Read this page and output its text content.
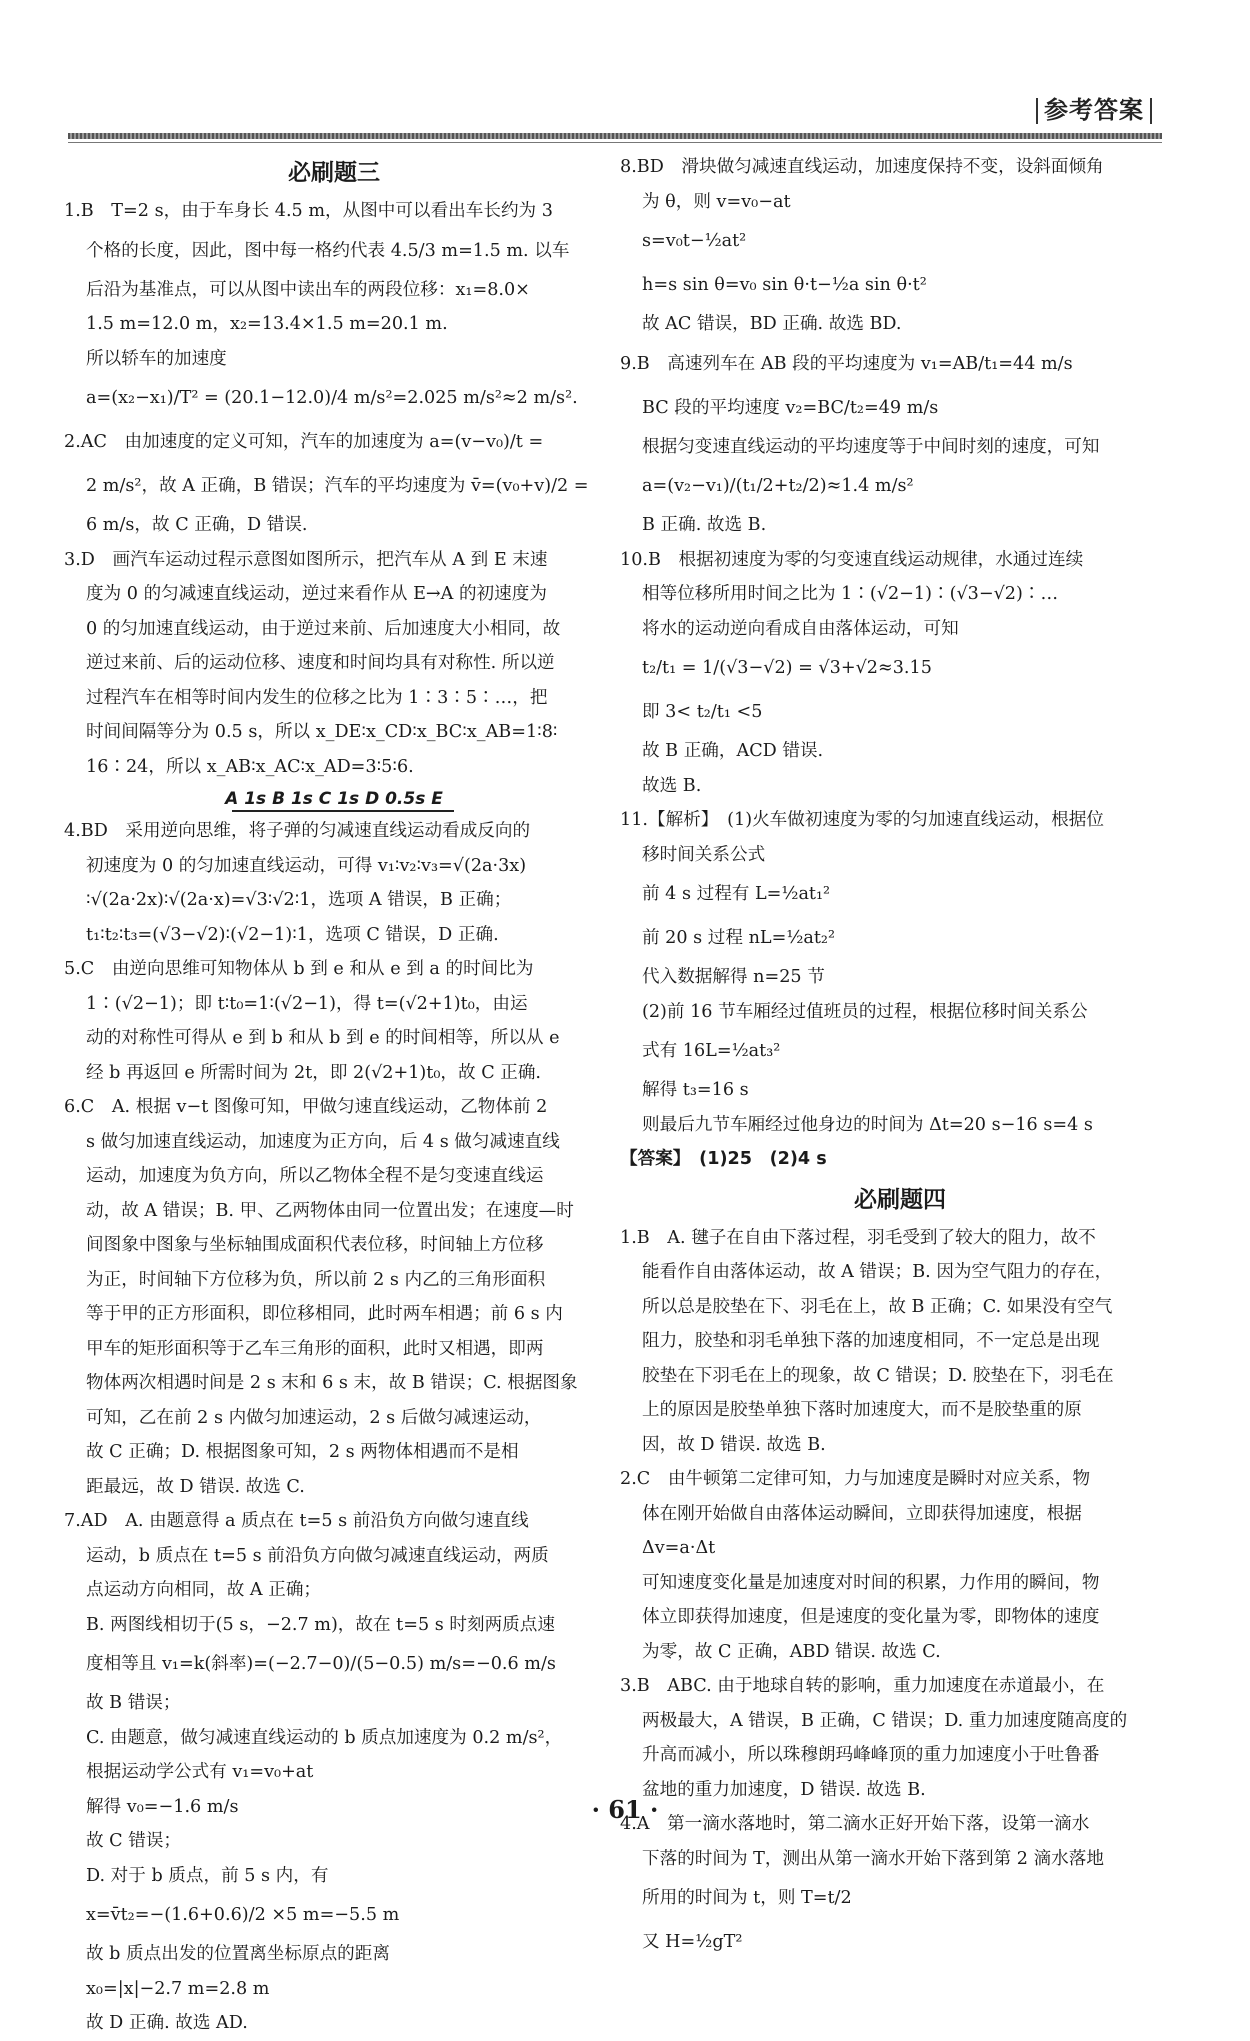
参考答案
必刷题三
1.B　T=2 s，由于车身长 4.5 m，从图中可以看出车长约为 3
个格的长度，因此，图中每一格约代表 4.5/3 m=1.5 m. 以车
后沿为基准点，可以从图中读出车的两段位移：x₁=8.0×
1.5 m=12.0 m，x₂=13.4×1.5 m=20.1 m.
所以轿车的加速度
a=(x₂−x₁)/T² = (20.1−12.0)/4 m/s²=2.025 m/s²≈2 m/s².
2.AC　由加速度的定义可知，汽车的加速度为 a=(v−v₀)/t =
2 m/s²，故 A 正确，B 错误；汽车的平均速度为 v̄=(v₀+v)/2 =
6 m/s，故 C 正确，D 错误.
3.D　画汽车运动过程示意图如图所示，把汽车从 A 到 E 末速
度为 0 的匀减速直线运动，逆过来看作从 E→A 的初速度为
0 的匀加速直线运动，由于逆过来前、后加速度大小相同，故
逆过来前、后的运动位移、速度和时间均具有对称性. 所以逆
过程汽车在相等时间内发生的位移之比为 1∶3∶5∶…，把
时间间隔等分为 0.5 s，所以 x_DE∶x_CD∶x_BC∶x_AB=1∶8∶
16∶24，所以 x_AB∶x_AC∶x_AD=3∶5∶6.
A 1s B 1s C 1s D 0.5s E
4.BD　采用逆向思维，将子弹的匀减速直线运动看成反向的
初速度为 0 的匀加速直线运动，可得 v₁∶v₂∶v₃=√(2a·3x)
∶√(2a·2x)∶√(2a·x)=√3∶√2∶1，选项 A 错误，B 正确；
t₁∶t₂∶t₃=(√3−√2)∶(√2−1)∶1，选项 C 错误，D 正确.
5.C　由逆向思维可知物体从 b 到 e 和从 e 到 a 的时间比为
1∶(√2−1)；即 t∶t₀=1∶(√2−1)，得 t=(√2+1)t₀，由运
动的对称性可得从 e 到 b 和从 b 到 e 的时间相等，所以从 e
经 b 再返回 e 所需时间为 2t，即 2(√2+1)t₀，故 C 正确.
6.C　A. 根据 v−t 图像可知，甲做匀速直线运动，乙物体前 2
s 做匀加速直线运动，加速度为正方向，后 4 s 做匀减速直线
运动，加速度为负方向，所以乙物体全程不是匀变速直线运
动，故 A 错误；B. 甲、乙两物体由同一位置出发；在速度—时
间图象中图象与坐标轴围成面积代表位移，时间轴上方位移
为正，时间轴下方位移为负，所以前 2 s 内乙的三角形面积
等于甲的正方形面积，即位移相同，此时两车相遇；前 6 s 内
甲车的矩形面积等于乙车三角形的面积，此时又相遇，即两
物体两次相遇时间是 2 s 末和 6 s 末，故 B 错误；C. 根据图象
可知，乙在前 2 s 内做匀加速运动，2 s 后做匀减速运动，
故 C 正确；D. 根据图象可知，2 s 两物体相遇而不是相
距最远，故 D 错误. 故选 C.
7.AD　A. 由题意得 a 质点在 t=5 s 前沿负方向做匀速直线
运动，b 质点在 t=5 s 前沿负方向做匀减速直线运动，两质
点运动方向相同，故 A 正确；
B. 两图线相切于(5 s，−2.7 m)，故在 t=5 s 时刻两质点速
度相等且 v₁=k(斜率)=(−2.7−0)/(5−0.5) m/s=−0.6 m/s
故 B 错误；
C. 由题意，做匀减速直线运动的 b 质点加速度为 0.2 m/s²，
根据运动学公式有 v₁=v₀+at
解得 v₀=−1.6 m/s
故 C 错误；
D. 对于 b 质点，前 5 s 内，有
x=v̄t₂=−(1.6+0.6)/2 ×5 m=−5.5 m
故 b 质点出发的位置离坐标原点的距离
x₀=|x|−2.7 m=2.8 m
故 D 正确. 故选 AD.
8.BD　滑块做匀减速直线运动，加速度保持不变，设斜面倾角
为 θ，则 v=v₀−at
s=v₀t−½at²
h=s sin θ=v₀ sin θ·t−½a sin θ·t²
故 AC 错误，BD 正确. 故选 BD.
9.B　高速列车在 AB 段的平均速度为 v₁=AB/t₁=44 m/s
BC 段的平均速度 v₂=BC/t₂=49 m/s
根据匀变速直线运动的平均速度等于中间时刻的速度，可知
a=(v₂−v₁)/(t₁/2+t₂/2)≈1.4 m/s²
B 正确. 故选 B.
10.B　根据初速度为零的匀变速直线运动规律，水通过连续
相等位移所用时间之比为 1∶(√2−1)∶(√3−√2)∶…
将水的运动逆向看成自由落体运动，可知
t₂/t₁ = 1/(√3−√2) = √3+√2≈3.15
即 3< t₂/t₁ <5
故 B 正确，ACD 错误.
故选 B.
11.【解析】　(1)火车做初速度为零的匀加速直线运动，根据位
移时间关系公式
前 4 s 过程有 L=½at₁²
前 20 s 过程 nL=½at₂²
代入数据解得 n=25 节
(2)前 16 节车厢经过值班员的过程，根据位移时间关系公
式有 16L=½at₃²
解得 t₃=16 s
则最后九节车厢经过他身边的时间为 Δt=20 s−16 s=4 s
【答案】　(1)25　(2)4 s
必刷题四
1.B　A. 毽子在自由下落过程，羽毛受到了较大的阻力，故不
能看作自由落体运动，故 A 错误；B. 因为空气阻力的存在，
所以总是胶垫在下、羽毛在上，故 B 正确；C. 如果没有空气
阻力，胶垫和羽毛单独下落的加速度相同，不一定总是出现
胶垫在下羽毛在上的现象，故 C 错误；D. 胶垫在下，羽毛在
上的原因是胶垫单独下落时加速度大，而不是胶垫重的原
因，故 D 错误. 故选 B.
2.C　由牛顿第二定律可知，力与加速度是瞬时对应关系，物
体在刚开始做自由落体运动瞬间，立即获得加速度，根据
Δv=a·Δt
可知速度变化量是加速度对时间的积累，力作用的瞬间，物
体立即获得加速度，但是速度的变化量为零，即物体的速度
为零，故 C 正确，ABD 错误. 故选 C.
3.B　ABC. 由于地球自转的影响，重力加速度在赤道最小，在
两极最大，A 错误，B 正确，C 错误；D. 重力加速度随高度的
升高而减小，所以珠穆朗玛峰峰顶的重力加速度小于吐鲁番
盆地的重力加速度，D 错误. 故选 B.
4.A　第一滴水落地时，第二滴水正好开始下落，设第一滴水
下落的时间为 T，测出从第一滴水开始下落到第 2 滴水落地
所用的时间为 t，则 T=t/2
又 H=½gT²
· 61 ·
